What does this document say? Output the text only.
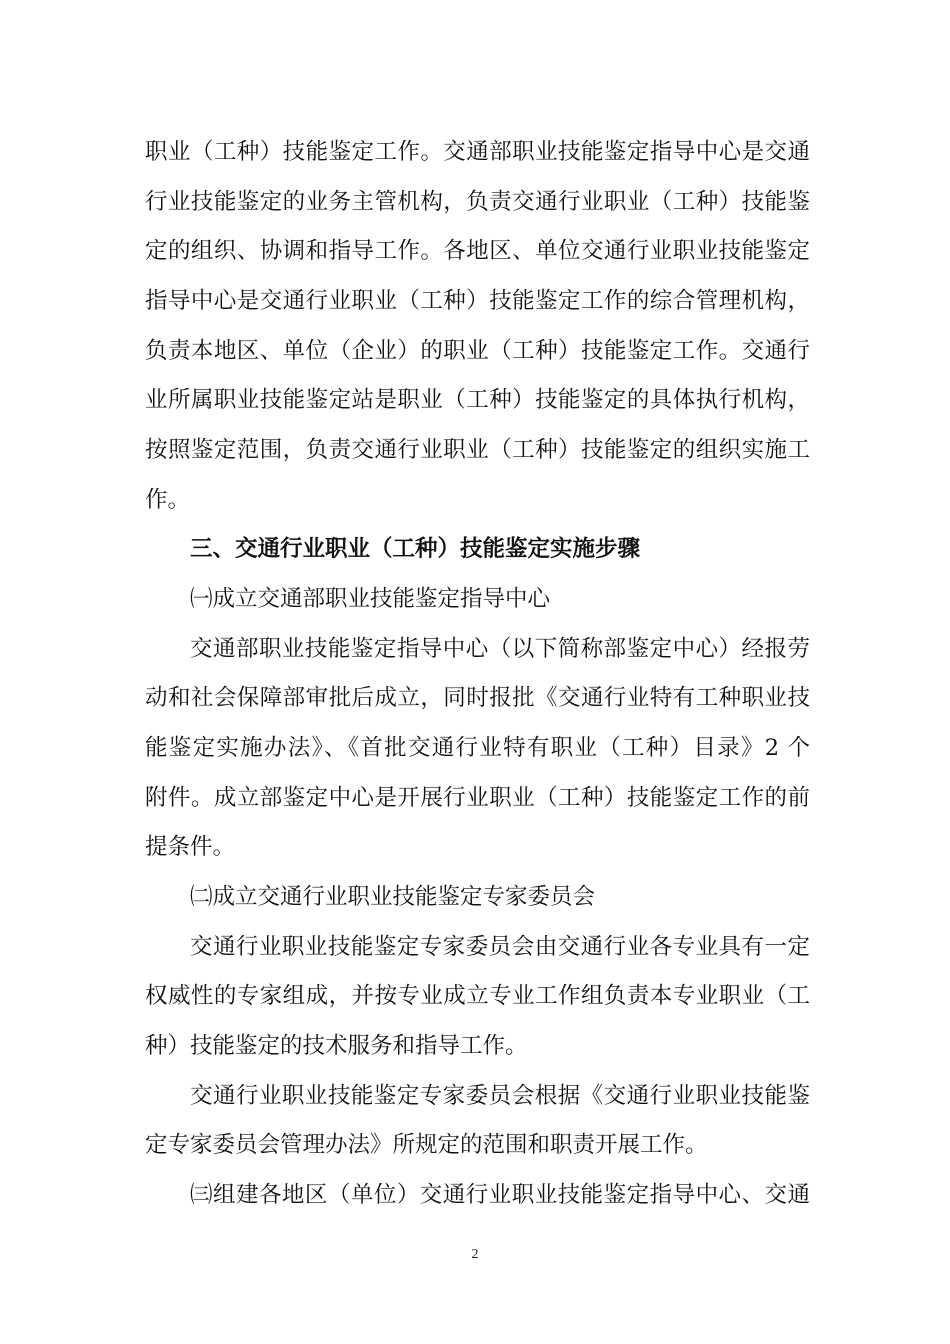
职业（工种）技能鉴定工作。交通部职业技能鉴定指导中心是交通
行业技能鉴定的业务主管机构，负责交通行业职业（工种）技能鉴
定的组织、协调和指导工作。各地区、单位交通行业职业技能鉴定
指导中心是交通行业职业（工种）技能鉴定工作的综合管理机构，
负责本地区、单位（企业）的职业（工种）技能鉴定工作。交通行
业所属职业技能鉴定站是职业（工种）技能鉴定的具体执行机构，
按照鉴定范围，负责交通行业职业（工种）技能鉴定的组织实施工
作。
三、交通行业职业（工种）技能鉴定实施步骤
㈠成立交通部职业技能鉴定指导中心
交通部职业技能鉴定指导中心（以下简称部鉴定中心）经报劳
动和社会保障部审批后成立，同时报批《交通行业特有工种职业技
能鉴定实施办法》、《首批交通行业特有职业（工种）目录》2 个
附件。成立部鉴定中心是开展行业职业（工种）技能鉴定工作的前
提条件。
㈡成立交通行业职业技能鉴定专家委员会
交通行业职业技能鉴定专家委员会由交通行业各专业具有一定
权威性的专家组成，并按专业成立专业工作组负责本专业职业（工
种）技能鉴定的技术服务和指导工作。
交通行业职业技能鉴定专家委员会根据《交通行业职业技能鉴
定专家委员会管理办法》所规定的范围和职责开展工作。
㈢组建各地区（单位）交通行业职业技能鉴定指导中心、交通
2
